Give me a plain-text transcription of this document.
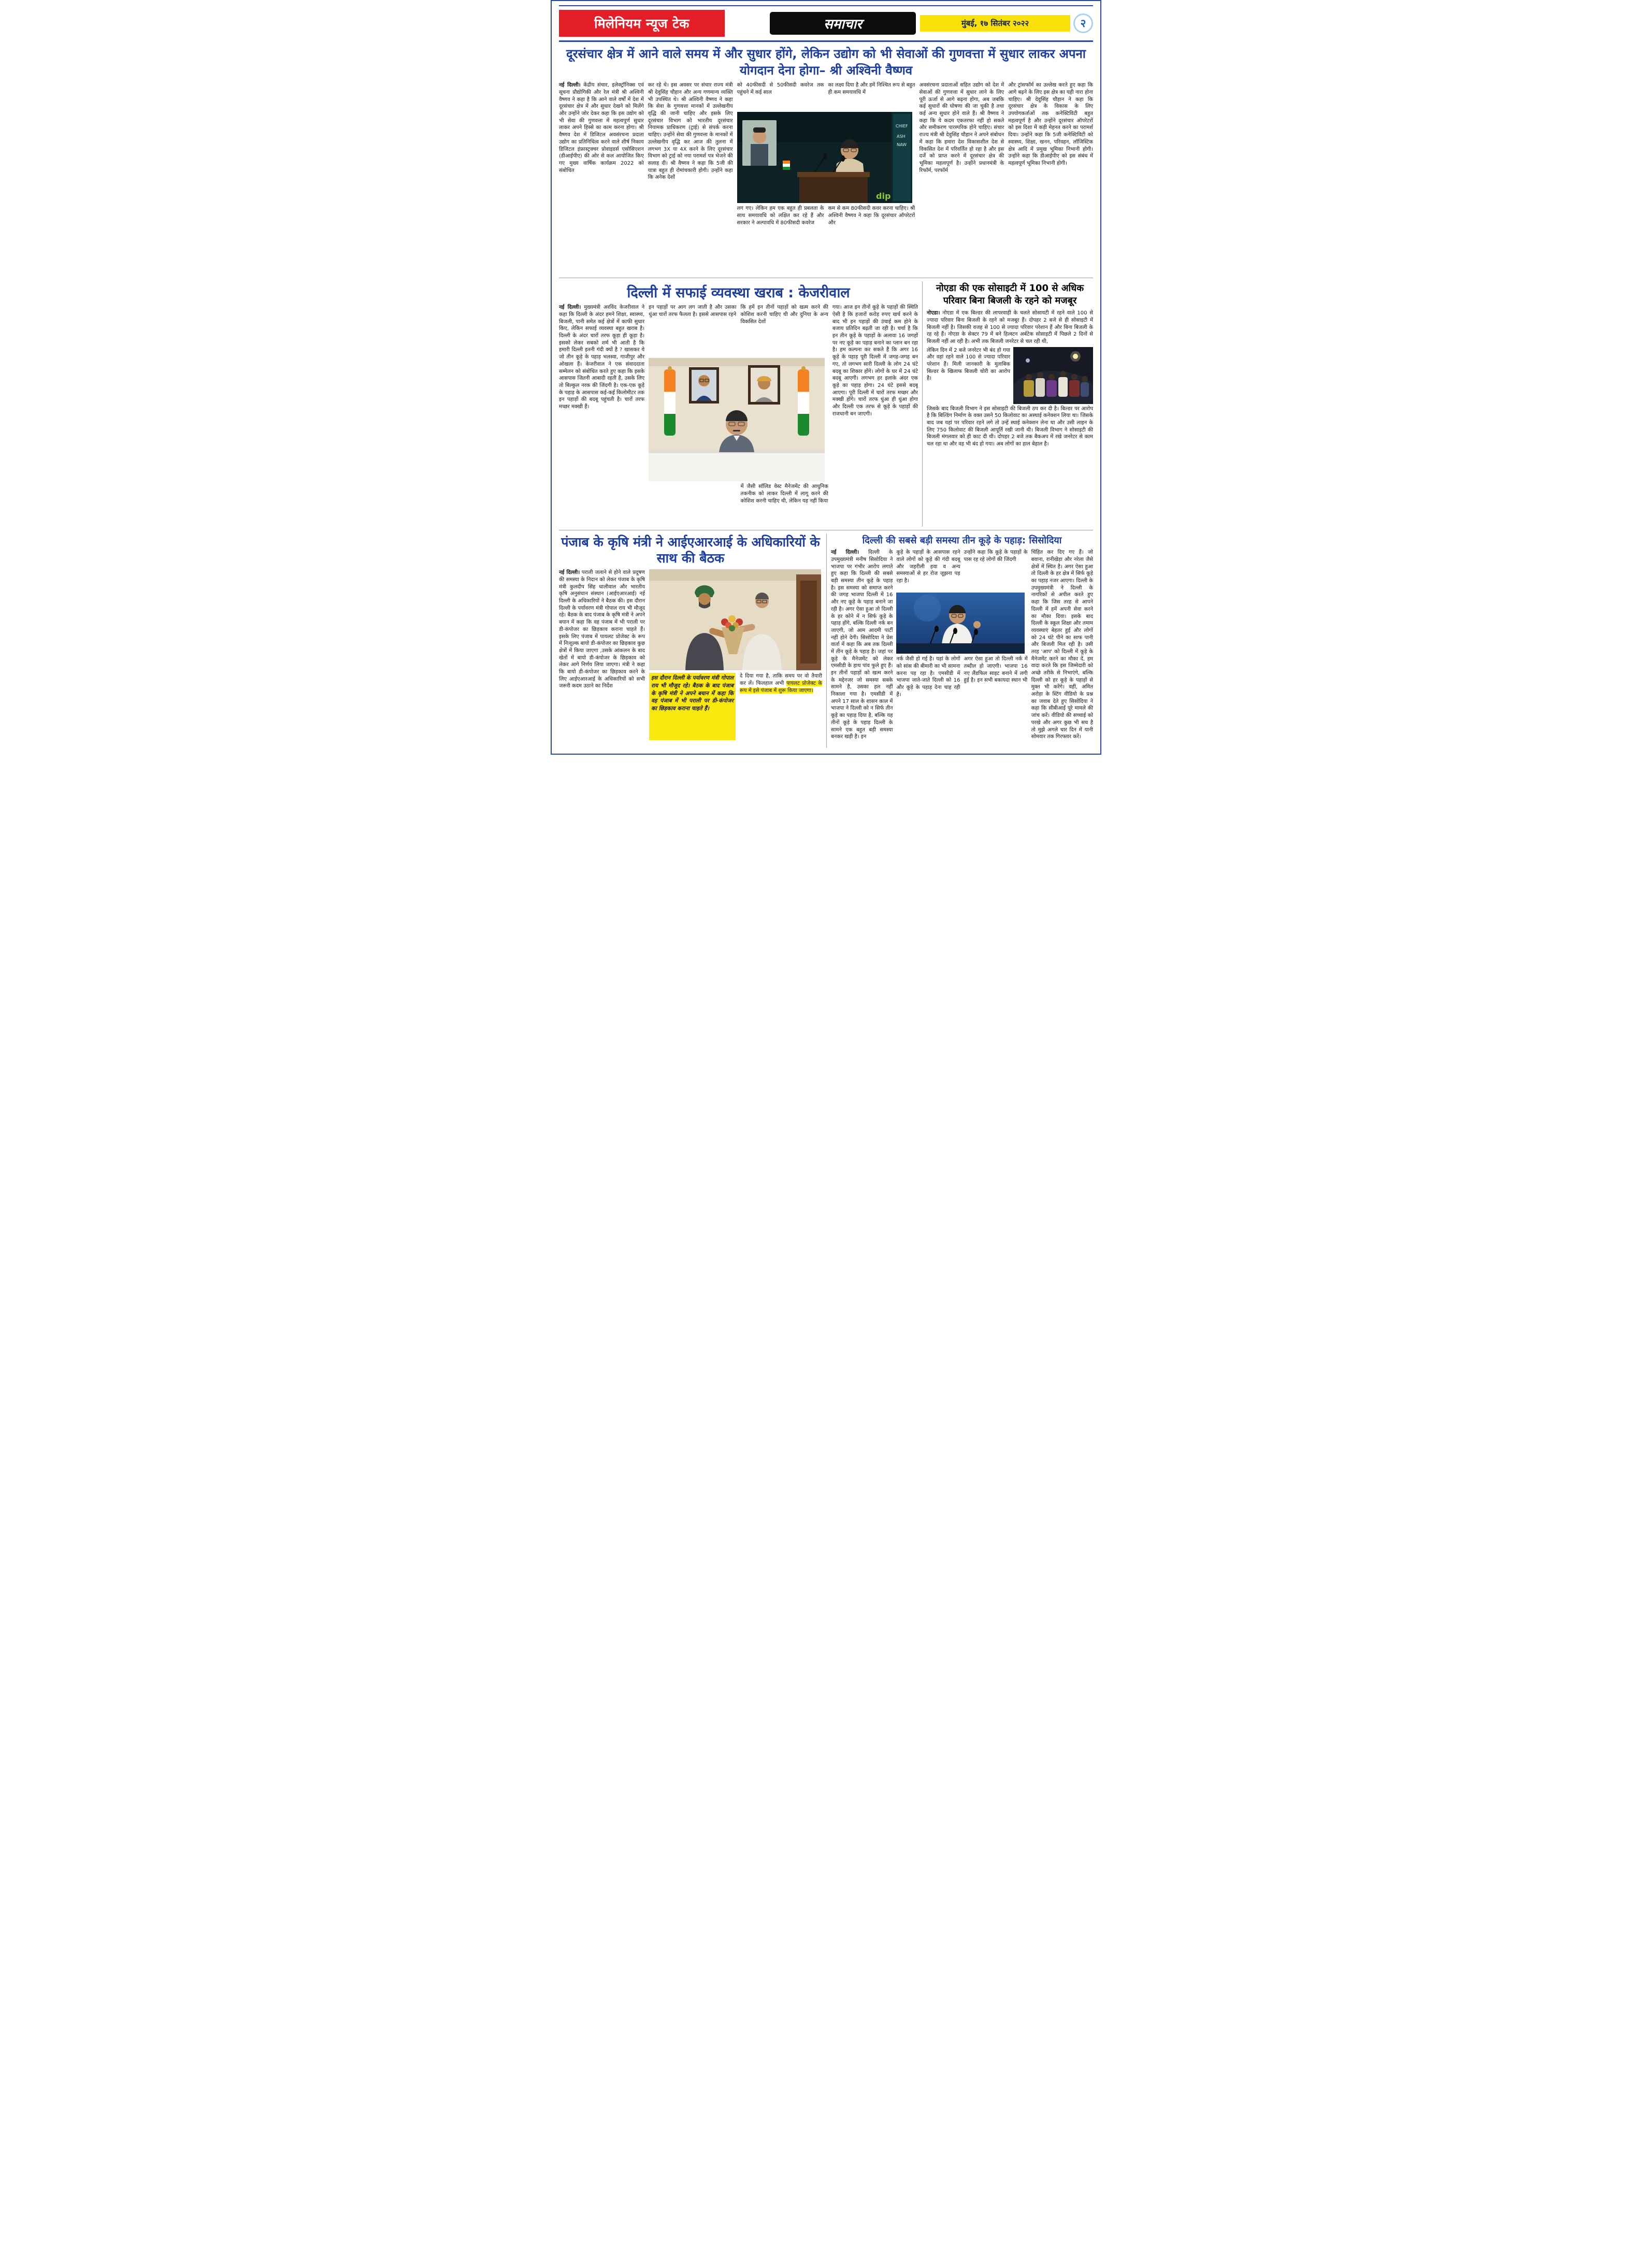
मिलेनियम न्यूज टेक	समाचार	मुंबई, १७ सितंबर २०२२	२
दूरसंचार क्षेत्र में आने वाले समय में और सुधार होंगे, लेकिन उद्योग को भी सेवाओं की गुणवत्ता में सुधार लाकर अपना योगदान देना होगा– श्री अश्विनी वैष्णव

नई दिल्ली। केंद्रीय संचार, इलेक्ट्रॉनिक्स एवं सूचना प्रौद्योगिकी और रेल मंत्री श्री अश्विनी वैष्णव ने कहा है कि आने वाले वर्षों में देश में दूरसंचार क्षेत्र में और सुधार देखने को मिलेंगे और उन्होंने जोर देकर कहा कि इस उद्योग को भी सेवा की गुणवत्ता में महत्वपूर्ण सुधार लाकर अपने हिस्से का काम करना होगा। श्री वैष्णव देश में डिजिटल अवसंरचना प्रदाता उद्योग का प्रतिनिधित्व करने वाले शीर्ष निकाय डिजिटल इंफ्रास्ट्रक्चर प्रोवाइडर्स एसोसिएशन (डीआईपीए) की ओर से कल आयोजित किए गए मुख्य वार्षिक कार्यक्रम 2022 को संबोधित

कर रहे थे। इस अवसर पर संचार राज्य मंत्री श्री देवुसिंह चौहान और अन्य गणमान्य व्यक्ति भी उपस्थित थे। श्री अश्विनी वैष्णव ने कहा कि सेवा के गुणवत्ता मानकों में उल्लेखनीय वृद्धि की जानी चाहिए और इसके लिए दूरसंचार विभाग को भारतीय दूरसंचार नियामक प्राधिकरण (ट्राई) से संपर्क करना चाहिए। उन्होंने सेवा की गुणवत्ता के मानकों में उल्लेखनीय वृद्धि कर आज की तुलना में लगभग 3X या 4X करने के लिए दूरसंचार विभाग को ट्राई को नया परामर्श पत्र भेजने की सलाह दी। श्री वैष्णव ने कहा कि 5जी की यात्रा बहुत ही रोमांचकारी होगी। उन्होंने कहा कि अनेक देशों

को 40फीसदी से 50फीसदी कवरेज तक पहुंचने में कई साल

का लक्ष्य दिया है और हमें निश्चित रूप से बहुत ही कम समयावधि में

CHIEF
ASH
NAW
dip

लग गए। लेकिन हम एक बहुत ही प्रबलता के साथ समयावधि को लक्षित कर रहे हैं और सरकार ने अल्पावधि में 80फीसदी कवरेज

कम से कम 80फीसदी कवर करना चाहिए। श्री अश्विनी वैष्णव ने कहा कि दूरसंचार ऑपरेटरों और

अवसंरचना प्रदाताओं सहित उद्योग को देश में सेवाओं की गुणवत्ता में सुधार लाने के लिए पूरी ऊर्जा से आगे बढ़ना होगा, अब जबकि कई सुधारों की घोषणा की जा चुकी है तथा कई अन्य सुधार होने वाले हैं। श्री वैष्णव ने कहा कि ये कदम एकतरफा नहीं हो सकते और समीकरण पारस्परिक होने चाहिए। संचार राज्य मंत्री श्री देवुसिंह चौहान ने अपने संबोधन में कहा कि हमारा देश विकासशील देश से विकसित देश में परिवर्तित हो रहा है और इस दर्जे को प्राप्त करने में दूरसंचार क्षेत्र की भूमिका महत्वपूर्ण है। उन्होंने प्रधानमंत्री के रिफॉर्म, परफॉर्म

और ट्रांसफॉर्म का उल्लेख करते हुए कहा कि आगे बढ़ने के लिए इस क्षेत्र का यही नारा होना चाहिए। श्री देवुसिंह चौहान ने कहा कि दूरसंचार क्षेत्र के विकास के लिए उपयोगकर्ताओं तक कनेक्टिविटी बहुत महत्वपूर्ण है और उन्होंने दूरसंचार ऑपरेटरों को इस दिशा में कड़ी मेहनत करने का परामर्श दिया। उन्होंने कहा कि 5जी कनेक्टिविटी को स्वास्थ्य, शिक्षा, खनन, परिवहन, लॉजिस्टिक क्षेत्र आदि में प्रमुख भूमिका निभानी होगी। उन्होंने कहा कि डीआईपीए को इस संबंध में महत्वपूर्ण भूमिका निभानी होगी।

दिल्ली में सफाई व्यवस्था खराब : केजरीवाल

नई दिल्ली। मुख्यमंत्री अरविंद केजरीवाल ने कहा कि दिल्ली के अंदर हमने शिक्षा, स्वास्थ्य, बिजली, पानी समेत कई क्षेत्रों में काफी सुधार किए, लेकिन सफाई व्यवस्था बहुत खराब है। दिल्ली के अंदर चारों तरफ कूड़ा ही कूड़ा है। इसको लेकर सबको शर्म भी आती है कि हमारी दिल्ली इतनी गंदी क्यों है ? खासकर ये जो तीन कूड़े के पहाड़ भलस्वा, गाजीपुर और ओखला हैं। केजरीवाल ने एक संवाददाता सम्मेलन को संबोधित करते हुए कहा कि इसके आसपास जितनी आबादी रहती है, उसके लिए तो बिल्कुल नरक की जिंदगी है। एक-एक कूड़े के पहाड़ के आसपास कई-कई किलोमीटर तक इन पहाड़ों की बदबू पहुंचती है। चारों तरफ मच्छर मक्खी हैं।

इन पहाड़ों पर आग लग जाती है और उसका धुंआ चारों तरफ फैलता है। इससे आसपास रहने

कि हमें इन तीनों पहाड़ों को खत्म करने की कोशिश करनी चाहिए थी और दुनिया के अन्य विकसित देशों

में जैसी सॉलिड वेस्ट मैनेजमेंट की आधुनिक तकनीक को लाकर दिल्ली में लागू करने की कोशिश करनी चाहिए थी, लेकिन यह नहीं किया

गया। आज इन तीनों कूड़े के पहाड़ों की स्थिति ऐसी है कि हजारों करोड़ रुपए खर्च करने के बाद भी इन पहाड़ों की उंचाई कम होने के बजाय प्रतिदिन बढ़ती जा रही है। चर्चा है कि इन तीन कूड़े के पहाड़ों के अलावा 16 जगहों पर नए कूड़े का पहाड़ बनाने का प्लान बन रहा है। हम कल्पना कर सकते हैं कि अगर 16 कूड़े के पहाड़ पूरी दिल्ली में जगह-जगह बन गए, तो लगभग सारी दिल्ली के लोग 24 घंटे बदबू का शिकार होंगे। लोगों के घर में 24 घंटे बदबू आएगी। लगभग हर इलाके अंदर एक कूड़े का पहाड़ होगा। 24 घंटे इससे बदबू आएगा। पूरी दिल्ली में चारों तरफ मच्छर और मक्खी होंगे। चारों तरफ धुंआ ही धुंआ होगा और दिल्ली एक तरफ से कूड़े के पहाड़ों की राजधानी बन जाएगी।

नोएडा की एक सोसाइटी में 100 से अधिक परिवार बिना बिजली के रहने को मजबूर

नोएडा। नोएडा में एक बिल्डर की लापरवाही के चलते सोसायटी में रहने वाले 100 से ज्यादा परिवार बिना बिजली के रहने को मजबूर हैं। दोपहर 2 बजे से ही सोसाइटी में बिजली नहीं है। जिसकी वजह से 100 से ज्यादा परिवार परेशान हैं और बिना बिजली के रह रहे हैं। नोएडा के सेक्टर 79 में बने हिल्स्टन अर्बटेक सोसाइटी में पिछले 2 दिनों से बिजली नहीं आ रही है। अभी तक बिजली जनरेटर से चल रही थी,

लेकिन दिन में 2 बजे जनरेटर भी बंद हो गया और वहां रहने वाले 100 से ज्यादा परिवार परेशान हैं। मिली जानकारी के मुताबिक बिल्डर के खिलाफ बिजली चोरी का आरोप है।

जिसके बाद बिजली विभाग ने इस सोसाइटी की बिजली ठप कर दी है। बिल्डर पर आरोप है कि बिल्डिंग निर्माण के वक्त उसने 50 किलोवाट का अस्थाई कनेक्शन लिया था। जिसके बाद जब यहां पर परिवार रहने लगे तो उन्हें स्थाई कनेक्शन लेना था और उसी लाइन के लिए 750 किलोवाट की बिजली आपूर्ति रखी जानी थी। बिजली विभाग ने सोसाइटी की बिजली मंगलवार को ही काट दी थी। दोपहर 2 बजे तक बैकअप में रखे जनरेटर से काम चल रहा था और वह भी बंद हो गया। अब लोगों का हाल बेहाल है।

पंजाब के कृषि मंत्री ने आईएआरआई के अधिकारियों के साथ की बैठक

नई दिल्ली। पराली जलाने से होने वाले प्रदूषण की समस्या के निदान को लेकर पंजाब के कृषि मंत्री कुलदीप सिंह धालीवाल और भारतीय कृषि अनुसंधान संस्थान (आईएआरआई) नई दिल्ली के अधिकारियों ने बैठक की। इस दौरान दिल्ली के पर्यावरण मंत्री गोपाल राय भी मौजूद रहे। बैठक के बाद पंजाब के कृषि मंत्री ने अपने बयान में कहा कि वह पंजाब में भी पराली पर डी-कंपोजर का छिड़काव कराना चाहते हैं। इसके लिए पंजाब में पायलट प्रोजेक्ट के रूप में निःशुल्क बायो डी-कंपोजर का छिड़काव कुछ क्षेत्रों में किया जाएगा ,उसके आंकलन के बाद खेतों में बायो डी-कंपोजर के छिड़काव को लेकर आगे निर्णय लिया जाएगा। मंत्री ने कहा कि बायो डी-कंपोजर का छिड़काव करने के लिए आईएआरआई के अधिकारियों को सभी जरूरी कदम उठाने का निर्देश

इस दौरान दिल्ली के पर्यावरण मंत्री गोपाल राय भी मौजूद रहे। बैठक के बाद पंजाब के कृषि मंत्री ने अपने बयान में कहा कि वह पंजाब में भी पराली पर डी-कंपोजर का छिड़काव कराना चाहते हैं।

दे दिया गया है, ताकि समय पर वो तैयारी कर लें। फिलहाल अभी पायलट प्रोजेक्ट के रूप में इसे पंजाब में शुरू किया जाएगा।

दिल्ली की सबसे बड़ी समस्या तीन कूड़े के पहाड़: सिसोदिया

नई दिल्ली। दिल्ली के उपमुख्यमंत्री मनीष सिसोदिया ने भाजपा पर गंभीर आरोप लगाते हुए कहा कि दिल्ली की सबसे बड़ी समस्या तीन कूड़े के पहाड़ है। इस समस्या को समाप्त करने की जगह भाजपा दिल्ली में 16 और नए कूड़े के पहाड़ बनाने जा रही है। अगर ऐसा हुआ तो दिल्ली के हर कोने में न सिर्फ कूड़े के पहाड़ होंगे, बल्कि दिल्ली नर्क बन जाएगी, जो आम आदमी पार्टी नहीं होने देगी। सिसोदिया ने प्रेस वार्ता में कहा कि अब तक दिल्ली में तीन कूड़े के पहाड़ है। जहां पर कूड़े के मैनेजमेंट को लेकर एमसीडी के हाथ पांव फूले हुए हैं। इन तीनों पहाड़ों को खत्म करने के मद्देनजर जो समस्या सबके सामने है, उसका हल नहीं निकाला गया है। एमसीडी में अपने 17 साल के शासन काल में भाजपा ने दिल्ली को न सिर्फ तीन कूड़े का पहाड़ दिया है, बल्कि यह तीनों कूड़े के पहाड़ दिल्ली के सामने एक बहुत बड़ी समस्या बनकर खड़ी है। इन

कूड़े के पहाड़ों के आसपास रहने वाले लोगों को कूड़े की गंदी बदबू और जहरीली हवा व अन्य समस्याओं से हर रोज जूझना पड़ रहा है।

उन्होंने कहा कि कूड़े के पहाड़ों के पास रह रहे लोगों की जिंदगी

नर्क जैसी हो गई है। यहां के लोगों को सांस की बीमारी का भी सामना करना पड़ रहा है। एमसीडी में भाजपा जाते-जाते दिल्ली को 16 और कूड़े के पहाड़ देना चाह रही हैं।

अगर ऐसा हुआ तो दिल्ली नर्क में तब्दील हो जाएगी। भाजपा 16 नए लैंडफिल साइट बनाने में लगी हुई है। इन सभी बकायदा स्थान भी

चिंहित कर दिए गए हैं। जो बवाना, रानीखेड़ा और नरेला जैसे क्षेत्रों में स्थित है। अगर ऐसा हुआ तो दिल्ली के हर क्षेत्र में सिर्फ कूड़े का पहाड़ नजर आएगा। दिल्ली के उपमुख्यमंत्री ने दिल्ली के नागरिकों से अपील करते हुए कहा कि जिस तरह से आपने दिल्ली में हमें अपनी सेवा करने का मौका दिया। इसके बाद दिल्ली के स्कूल शिक्षा और तमाम व्यवस्थाएं बेहतर हुई और लोगों को 24 घंटे पीने का साफ पानी और बिजली मिल रही है। उसी तरह 'आप' को दिल्ली में कूड़े के मैनेजमेंट करने का मौका दें, हम वादा करते कि इस जिम्मेदारी को अच्छे तरीके से निभाएंगे, बल्कि दिल्ली को हर कूड़े के पहाड़ों से मुक्त भी करेंगे। वहीं, अमित अरोड़ा के स्टिंग वीडियो के प्रश्न का जवाब देते हुए सिसोदिया ने कहा कि सीबीआई पूरे मामले की जांच करें। वीडियो की सच्चाई को परखे और अगर कुछ भी सच है तो मुझे अगले चार दिन में यानी सोमवार तक गिरफ्तार करें।
